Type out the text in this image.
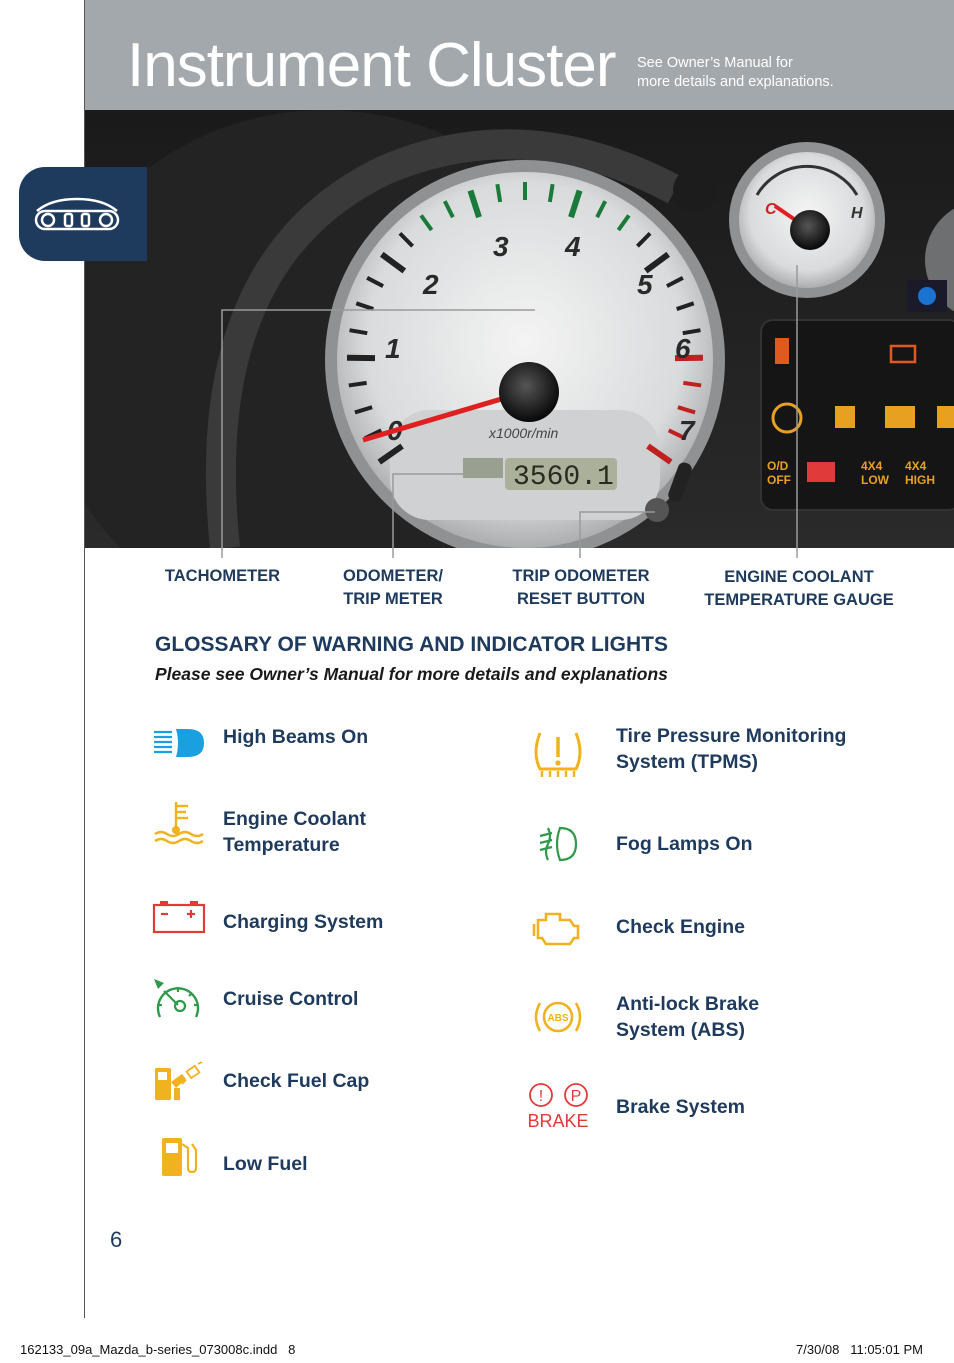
Instrument Cluster See Owner’s Manual for
more details and explanations.
1
2
3 4
5
6
7
x1000r/min
3560.1
C	H
O/D OFF
4X4 LOW
4X4 HIGH
TACHOMETER	ODOMETER/
TRIP METER
TRIP ODOMETER
RESET BUTTON
ENGINE COOLANT
TEMPERATURE GAUGE
GLOSSARY OF WARNING AND INDICATOR LIGHTS
Please see Owner’s Manual for more details and explanations
High Beams On
Engine Coolant
Temperature
Charging System
Cruise Control
Check Fuel Cap
Low Fuel
Tire Pressure Monitoring
System (TPMS)
Fog Lamps On
Check Engine
ABS
Anti-lock Brake
System (ABS)
! P
BRAKE
Brake System
6
162133_09a_Mazda_b-series_073008c.indd   8	7/30/08   11:05:01 PM
